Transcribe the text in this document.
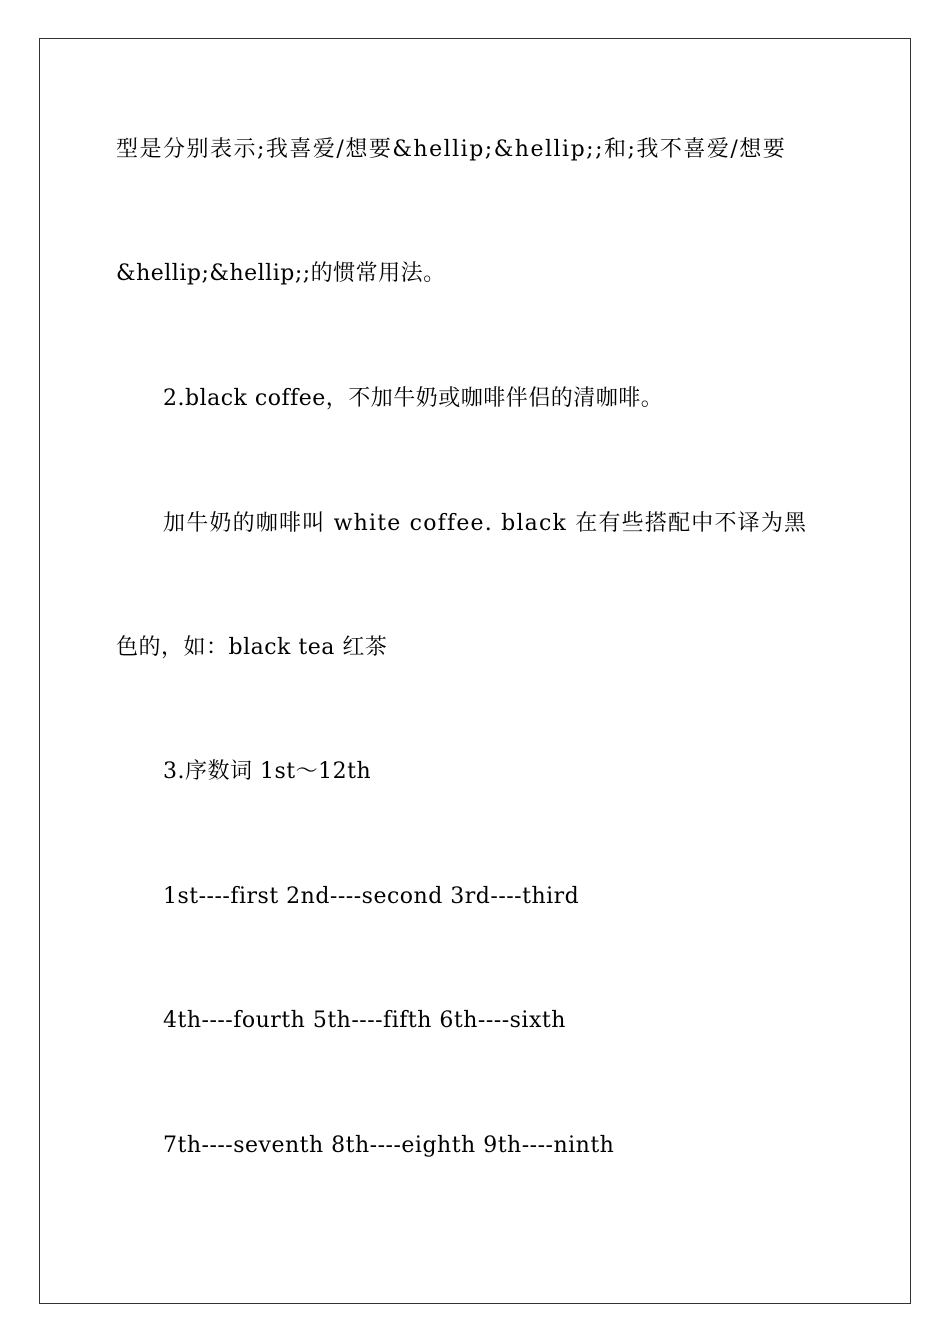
型是分别表示;我喜爱/想要&hellip;&hellip;;和;我不喜爱/想要
&hellip;&hellip;;的惯常用法。
2.black coffee，不加牛奶或咖啡伴侣的清咖啡。
加牛奶的咖啡叫 white coffee. black 在有些搭配中不译为黑
色的，如：black tea 红茶
3.序数词 1st～12th
1st----first 2nd----second 3rd----third
4th----fourth 5th----fifth 6th----sixth
7th----seventh 8th----eighth 9th----ninth
